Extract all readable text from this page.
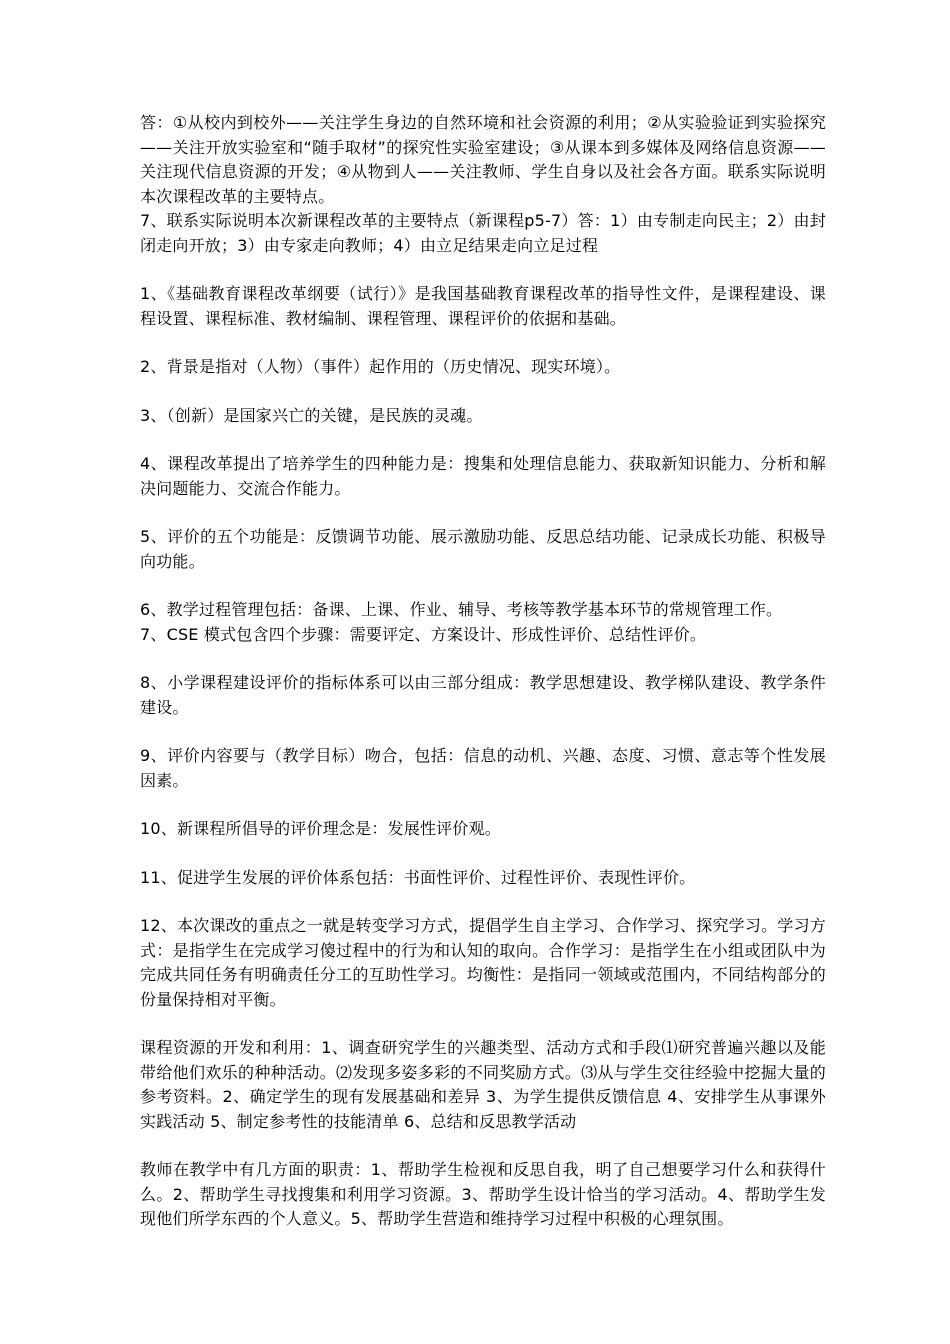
答：①从校内到校外——关注学生身边的自然环境和社会资源的利用；②从实验验证到实验探究——关注开放实验室和“随手取材”的探究性实验室建设；③从课本到多媒体及网络信息资源——关注现代信息资源的开发；④从物到人——关注教师、学生自身以及社会各方面。联系实际说明本次课程改革的主要特点。

7、联系实际说明本次新课程改革的主要特点（新课程p5-7）答：1）由专制走向民主；2）由封闭走向开放；3）由专家走向教师；4）由立足结果走向立足过程

1、《基础教育课程改革纲要（试行）》是我国基础教育课程改革的指导性文件，是课程建设、课程设置、课程标准、教材编制、课程管理、课程评价的依据和基础。

2、背景是指对（人物）（事件）起作用的（历史情况、现实环境）。

3、（创新）是国家兴亡的关键，是民族的灵魂。

4、课程改革提出了培养学生的四种能力是：搜集和处理信息能力、获取新知识能力、分析和解决问题能力、交流合作能力。

5、评价的五个功能是：反馈调节功能、展示激励功能、反思总结功能、记录成长功能、积极导向功能。

6、教学过程管理包括：备课、上课、作业、辅导、考核等教学基本环节的常规管理工作。

7、CSE 模式包含四个步骤：需要评定、方案设计、形成性评价、总结性评价。

8、小学课程建设评价的指标体系可以由三部分组成：教学思想建设、教学梯队建设、教学条件建设。

9、评价内容要与（教学目标）吻合，包括：信息的动机、兴趣、态度、习惯、意志等个性发展因素。

10、新课程所倡导的评价理念是：发展性评价观。

11、促进学生发展的评价体系包括：书面性评价、过程性评价、表现性评价。

12、本次课改的重点之一就是转变学习方式，提倡学生自主学习、合作学习、探究学习。学习方式：是指学生在完成学习傻过程中的行为和认知的取向。合作学习：是指学生在小组或团队中为完成共同任务有明确责任分工的互助性学习。均衡性：是指同一领域或范围内，不同结构部分的份量保持相对平衡。

课程资源的开发和利用：1、调查研究学生的兴趣类型、活动方式和手段⑴研究普遍兴趣以及能带给他们欢乐的种种活动。⑵发现多姿多彩的不同奖励方式。⑶从与学生交往经验中挖掘大量的参考资料。2、确定学生的现有发展基础和差异 3、为学生提供反馈信息 4、安排学生从事课外实践活动 5、制定参考性的技能清单 6、总结和反思教学活动

教师在教学中有几方面的职责：1、帮助学生检视和反思自我，明了自己想要学习什么和获得什么。2、帮助学生寻找搜集和利用学习资源。3、帮助学生设计恰当的学习活动。4、帮助学生发现他们所学东西的个人意义。5、帮助学生营造和维持学习过程中积极的心理氛围。
